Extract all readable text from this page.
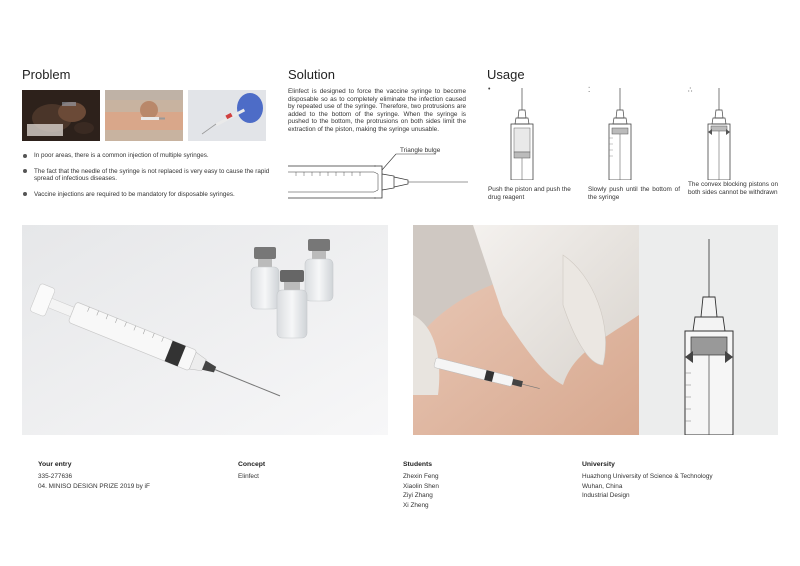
Problem
In poor areas, there is a common injection of multiple syringes.
The fact that the needle of the syringe is not replaced is very easy to cause the rapid spread of infectious diseases.
Vaccine injections are required to be mandatory for disposable syringes.
Solution
Elinfect is designed to force the vaccine syringe to become disposable so as to completely eliminate the infection caused by repeated use of the syringe. Therefore, two protrusions are added to the bottom of the syringe. When the syringe is pushed to the bottom, the protrusions on both sides limit the extraction of the piston, making the syringe unusable.
Triangle bulge
Usage
•	⁚	∴
Push the piston and push the drug reagent
Slowly push until the bottom of the syringe
The convex blocking pistons on both sides cannot be withdrawn
Your entry
335-277636
04. MINISO DESIGN PRIZE 2019 by iF
Concept
Elinfect
Students
Zhexin Feng
Xiaolin Shen
Ziyi Zhang
Xi Zheng
University
Huazhong University of Science & Technology
Wuhan, China
Industrial Design
